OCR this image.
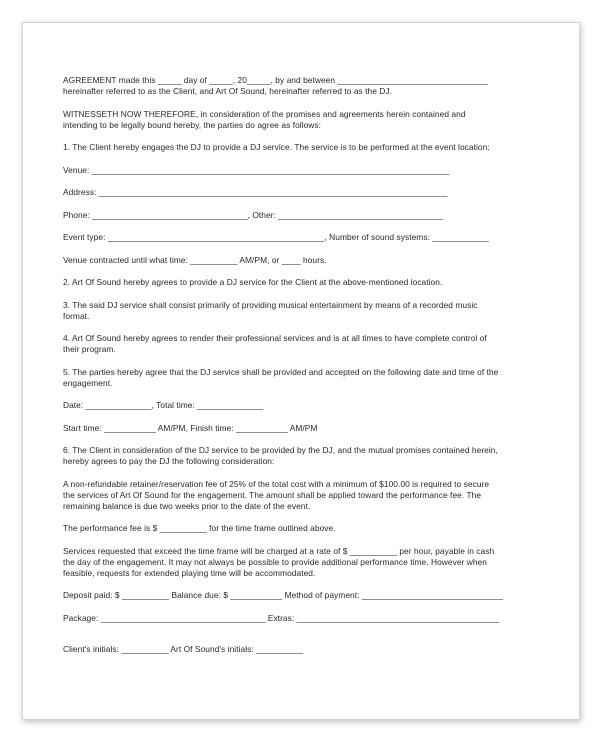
AGREEMENT made this _____ day of _____, 20_____, by and between ________________________________
hereinafter referred to as the Client, and Art Of Sound, hereinafter referred to as the DJ.

WITNESSETH NOW THEREFORE, in consideration of the promises and agreements herein contained and
intending to be legally bound hereby, the parties do agree as follows:

1. The Client hereby engages the DJ to provide a DJ service. The service is to be performed at the event location:

Venue: ____________________________________________________________________________

Address: __________________________________________________________________________

Phone: _________________________________, Other: ___________________________________

Event type: ______________________________________________, Number of sound systems: ____________

Venue contracted until what time: __________ AM/PM, or ____ hours.

2. Art Of Sound hereby agrees to provide a DJ service for the Client at the above-mentioned location.

3. The said DJ service shall consist primarily of providing musical entertainment by means of a recorded music
format.

4. Art Of Sound hereby agrees to render their professional services and is at all times to have complete control of
their program.

5. The parties hereby agree that the DJ service shall be provided and accepted on the following date and time of the
engagement.

Date: ______________, Total time: ______________

Start time: ___________ AM/PM, Finish time: ___________ AM/PM

6. The Client in consideration of the DJ service to be provided by the DJ, and the mutual promises contained herein,
hereby agrees to pay the DJ the following consideration:

A non-refundable retainer/reservation fee of 25% of the total cost with a minimum of $100.00 is required to secure
the services of Art Of Sound for the engagement. The amount shall be applied toward the performance fee. The
remaining balance is due two weeks prior to the date of the event.

The performance fee is $ __________ for the time frame outlined above.

Services requested that exceed the time frame will be charged at a rate of $ __________ per hour, payable in cash
the day of the engagement. It may not always be possible to provide additional performance time. However when
feasible, requests for extended playing time will be accommodated.

Deposit paid: $ __________ Balance due: $ ___________ Method of payment: ______________________________

Package: ___________________________________ Extras: ___________________________________________

Client's initials: __________ Art Of Sound's initials: __________
